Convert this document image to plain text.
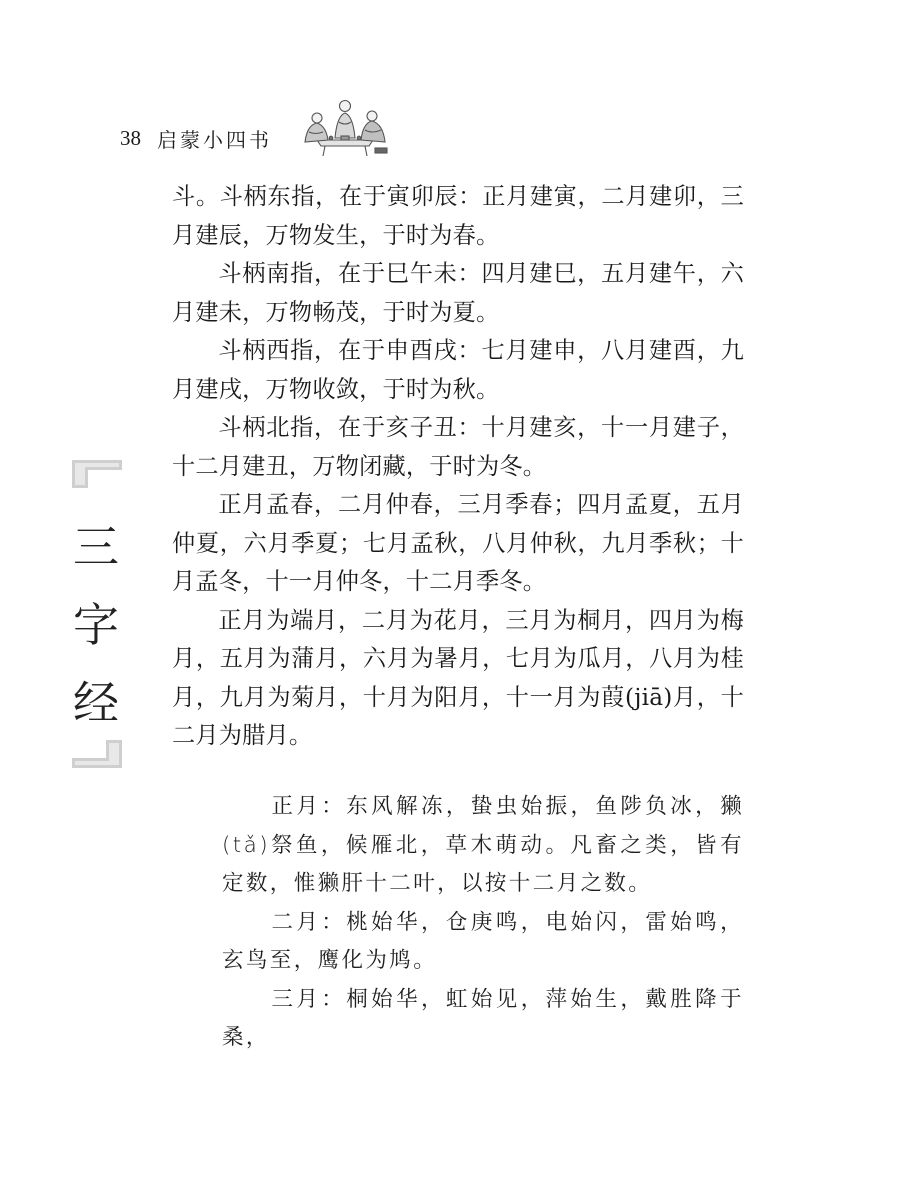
38 启蒙小四书
三
字
经

斗。斗柄东指，在于寅卯辰：正月建寅，二月建卯，三月建辰，万物发生，于时为春。

斗柄南指，在于巳午未：四月建巳，五月建午，六月建未，万物畅茂，于时为夏。

斗柄西指，在于申酉戌：七月建申，八月建酉，九月建戌，万物收敛，于时为秋。

斗柄北指，在于亥子丑：十月建亥，十一月建子，十二月建丑，万物闭藏，于时为冬。

正月孟春，二月仲春，三月季春；四月孟夏，五月仲夏，六月季夏；七月孟秋，八月仲秋，九月季秋；十月孟冬，十一月仲冬，十二月季冬。

正月为端月，二月为花月，三月为桐月，四月为梅月，五月为蒲月，六月为暑月，七月为瓜月，八月为桂月，九月为菊月，十月为阳月，十一月为葭(jiā)月，十二月为腊月。

正月：东风解冻，蛰虫始振，鱼陟负冰，獭(tǎ)祭鱼，候雁北，草木萌动。凡畜之类，皆有定数，惟獭肝十二叶，以按十二月之数。

二月：桃始华，仓庚鸣，电始闪，雷始鸣，玄鸟至，鹰化为鸠。

三月：桐始华，虹始见，萍始生，戴胜降于桑，
